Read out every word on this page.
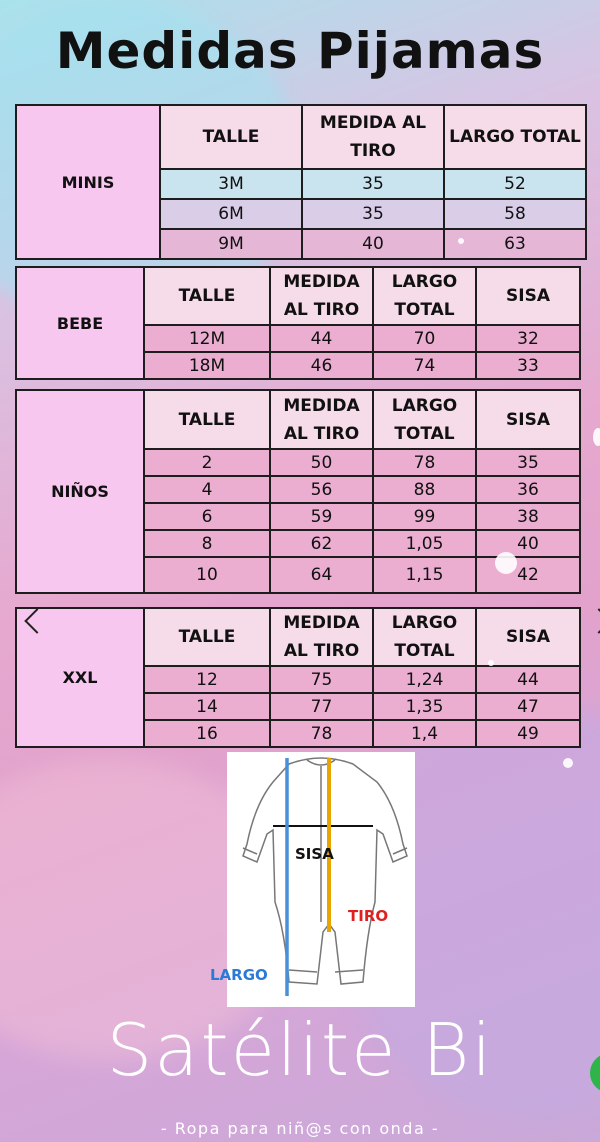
Medidas Pijamas
MINIS	TALLE	MEDIDA AL TIRO	LARGO TOTAL
	3M	35	52
	6M	35	58
	9M	40	63
BEBE	TALLE	MEDIDA AL TIRO	LARGO TOTAL	SISA
	12M	44	70	32
	18M	46	74	33
NIÑOS	TALLE	MEDIDA AL TIRO	LARGO TOTAL	SISA
	2	50	78	35
	4	56	88	36
	6	59	99	38
	8	62	1,05	40
	10	64	1,15	42
XXL	TALLE	MEDIDA AL TIRO	LARGO TOTAL	SISA
	12	75	1,24	44
	14	77	1,35	47
	16	78	1,4	49
SISA
TIRO
LARGO
Satélite Bi
- Ropa para niñ@s con onda -
